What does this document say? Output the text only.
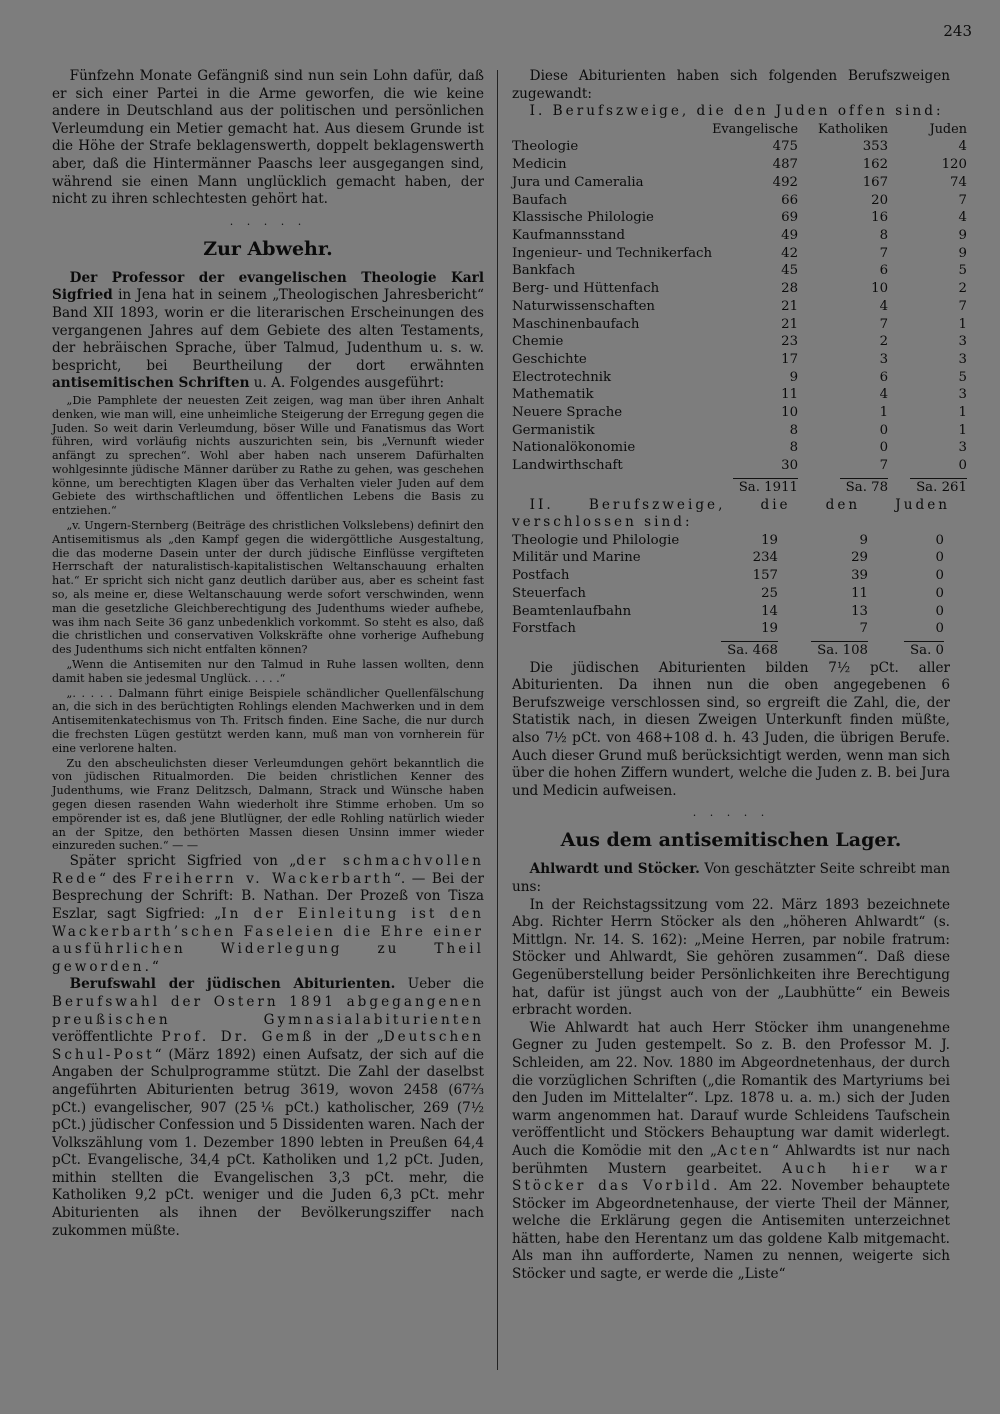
243

Fünfzehn Monate Gefängniß sind nun sein Lohn dafür, daß er sich einer Partei in die Arme geworfen, die wie keine andere in Deutschland aus der politischen und persönlichen Verleumdung ein Metier gemacht hat. Aus diesem Grunde ist die Höhe der Strafe beklagenswerth, doppelt beklagenswerth aber, daß die Hintermänner Paaschs leer ausgegangen sind, während sie einen Mann unglücklich gemacht haben, der nicht zu ihren schlechtesten gehört hat.

. . . . .
Zur Abwehr.

Der Professor der evangelischen Theologie Karl Sigfried in Jena hat in seinem „Theologischen Jahresbericht“ Band XII 1893, worin er die literarischen Erscheinungen des vergangenen Jahres auf dem Gebiete des alten Testaments, der hebräischen Sprache, über Talmud, Judenthum u. s. w. bespricht, bei Beurtheilung der dort erwähnten antisemitischen Schriften u. A. Folgendes ausgeführt:

„Die Pamphlete der neuesten Zeit zeigen, wag man über ihren Anhalt denken, wie man will, eine unheimliche Steigerung der Erregung gegen die Juden. So weit darin Verleumdung, böser Wille und Fanatismus das Wort führen, wird vorläufig nichts auszurichten sein, bis „Vernunft wieder anfängt zu sprechen“. Wohl aber haben nach unserem Dafürhalten wohlgesinnte jüdische Männer darüber zu Rathe zu gehen, was geschehen könne, um berechtigten Klagen über das Verhalten vieler Juden auf dem Gebiete des wirthschaftlichen und öffentlichen Lebens die Basis zu entziehen.“

„v. Ungern-Sternberg (Beiträge des christlichen Volkslebens) definirt den Antisemitismus als „den Kampf gegen die widergöttliche Ausgestaltung, die das moderne Dasein unter der durch jüdische Einflüsse vergifteten Herrschaft der naturalistisch-kapitalistischen Weltanschauung erhalten hat.“ Er spricht sich nicht ganz deutlich darüber aus, aber es scheint fast so, als meine er, diese Weltanschauung werde sofort verschwinden, wenn man die gesetzliche Gleichberechtigung des Judenthums wieder aufhebe, was ihm nach Seite 36 ganz unbedenklich vorkommt. So steht es also, daß die christlichen und conservativen Volkskräfte ohne vorherige Aufhebung des Judenthums sich nicht entfalten können?

„Wenn die Antisemiten nur den Talmud in Ruhe lassen wollten, denn damit haben sie jedesmal Unglück. . . . .“

„. . . . . Dalmann führt einige Beispiele schändlicher Quellenfälschung an, die sich in des berüchtigten Rohlings elenden Machwerken und in dem Antisemitenkatechismus von Th. Fritsch finden. Eine Sache, die nur durch die frechsten Lügen gestützt werden kann, muß man von vornherein für eine verlorene halten.

Zu den abscheulichsten dieser Verleumdungen gehört bekanntlich die von jüdischen Ritualmorden. Die beiden christlichen Kenner des Judenthums, wie Franz Delitzsch, Dalmann, Strack und Wünsche haben gegen diesen rasenden Wahn wiederholt ihre Stimme erhoben. Um so empörender ist es, daß jene Blutlügner, der edle Rohling natürlich wieder an der Spitze, den bethörten Massen diesen Unsinn immer wieder einzureden suchen.“ — —

Später spricht Sigfried von „der schmachvollen Rede“ des Freiherrn v. Wackerbarth“. — Bei der Besprechung der Schrift: B. Nathan. Der Prozeß von Tisza Eszlar, sagt Sigfried: „In der Einleitung ist den Wackerbarth’schen Faseleien die Ehre einer ausführlichen Widerlegung zu Theil geworden.“

Berufswahl der jüdischen Abiturienten. Ueber die Berufswahl der Ostern 1891 abgegangenen preußischen Gymnasialabiturienten veröffentlichte Prof. Dr. Gemß in der „Deutschen Schul-Post“ (März 1892) einen Aufsatz, der sich auf die Angaben der Schulprogramme stützt. Die Zahl der daselbst angeführten Abiturienten betrug 3619, wovon 2458 (67⅔ pCt.) evangelischer, 907 (25⅙ pCt.) katholischer, 269 (7½ pCt.) jüdischer Confession und 5 Dissidenten waren. Nach der Volkszählung vom 1. Dezember 1890 lebten in Preußen 64,4 pCt. Evangelische, 34,4 pCt. Katholiken und 1,2 pCt. Juden, mithin stellten die Evangelischen 3,3 pCt. mehr, die Katholiken 9,2 pCt. weniger und die Juden 6,3 pCt. mehr Abiturienten als ihnen der Bevölkerungsziffer nach zukommen müßte.

Diese Abiturienten haben sich folgenden Berufszweigen zugewandt:

I. Berufszweige, die den Juden offen sind:

	Evangelische	Katholiken	Juden
Theologie	475	353	4
Medicin	487	162	120
Jura und Cameralia	492	167	74
Baufach	66	20	7
Klassische Philologie	69	16	4
Kaufmannsstand	49	8	9
Ingenieur- und Technikerfach	42	7	9
Bankfach	45	6	5
Berg- und Hüttenfach	28	10	2
Naturwissenschaften	21	4	7
Maschinenbaufach	21	7	1
Chemie	23	2	3
Geschichte	17	3	3
Electrotechnik	9	6	5
Mathematik	11	4	3
Neuere Sprache	10	1	1
Germanistik	8	0	1
Nationalökonomie	8	0	3
Landwirthschaft	30	7	0
	Sa. 1911	Sa. 78	Sa. 261

II. Berufszweige, die den Juden verschlossen sind:

Theologie und Philologie	19	9	0
Militär und Marine	234	29	0
Postfach	157	39	0
Steuerfach	25	11	0
Beamtenlaufbahn	14	13	0
Forstfach	19	7	0
	Sa. 468	Sa. 108	Sa. 0

Die jüdischen Abiturienten bilden 7½ pCt. aller Abiturienten. Da ihnen nun die oben angegebenen 6 Berufszweige verschlossen sind, so ergreift die Zahl, die, der Statistik nach, in diesen Zweigen Unterkunft finden müßte, also 7½ pCt. von 468+108 d. h. 43 Juden, die übrigen Berufe. Auch dieser Grund muß berücksichtigt werden, wenn man sich über die hohen Ziffern wundert, welche die Juden z. B. bei Jura und Medicin aufweisen.

. . . . .
Aus dem antisemitischen Lager.

Ahlwardt und Stöcker. Von geschätzter Seite schreibt man uns:

In der Reichstagssitzung vom 22. März 1893 bezeichnete Abg. Richter Herrn Stöcker als den „höheren Ahlwardt“ (s. Mittlgn. Nr. 14. S. 162): „Meine Herren, par nobile fratrum: Stöcker und Ahlwardt, Sie gehören zusammen“. Daß diese Gegenüberstellung beider Persönlichkeiten ihre Berechtigung hat, dafür ist jüngst auch von der „Laubhütte“ ein Beweis erbracht worden.

Wie Ahlwardt hat auch Herr Stöcker ihm unangenehme Gegner zu Juden gestempelt. So z. B. den Professor M. J. Schleiden, am 22. Nov. 1880 im Abgeordnetenhaus, der durch die vorzüglichen Schriften („die Romantik des Martyriums bei den Juden im Mittelalter“. Lpz. 1878 u. a. m.) sich der Juden warm angenommen hat. Darauf wurde Schleidens Taufschein veröffentlicht und Stöckers Behauptung war damit widerlegt. Auch die Komödie mit den „Acten“ Ahlwardts ist nur nach berühmten Mustern gearbeitet. Auch hier war Stöcker das Vorbild. Am 22. November behauptete Stöcker im Abgeordnetenhause, der vierte Theil der Männer, welche die Erklärung gegen die Antisemiten unterzeichnet hätten, habe den Herentanz um das goldene Kalb mitgemacht. Als man ihn aufforderte, Namen zu nennen, weigerte sich Stöcker und sagte, er werde die „Liste“
